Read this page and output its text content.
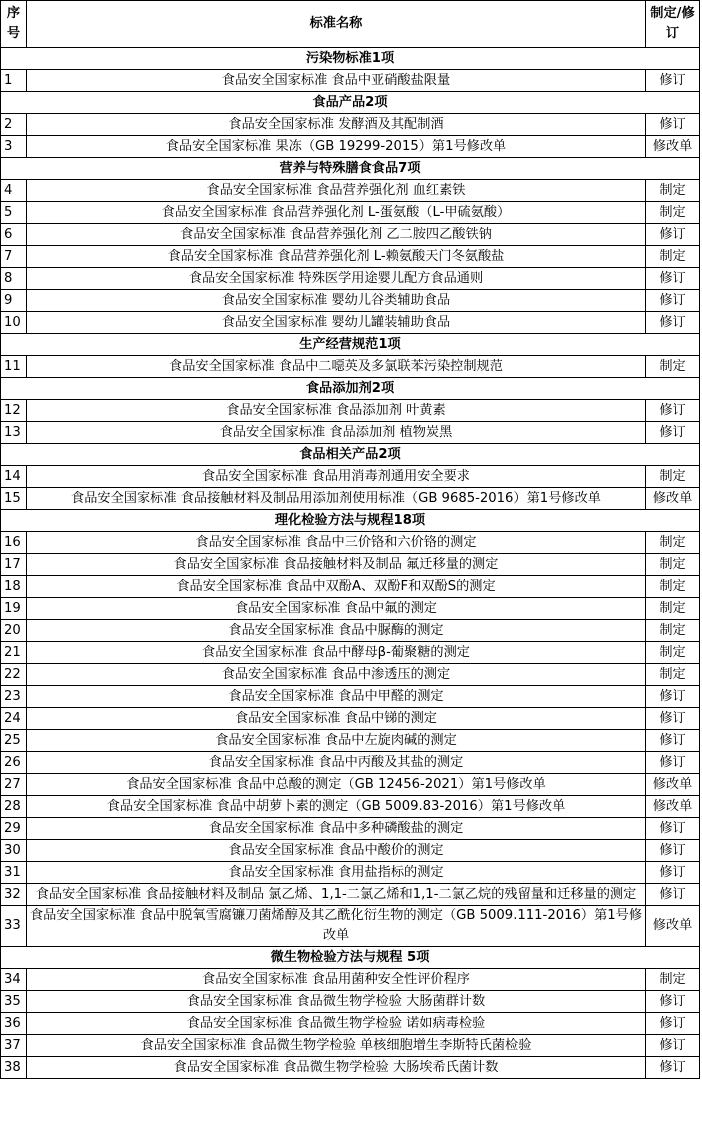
序号	标准名称	制定/修订
污染物标准1项		
1	食品安全国家标准 食品中亚硝酸盐限量	修订
食品产品2项		
2	食品安全国家标准 发酵酒及其配制酒	修订
3	食品安全国家标准 果冻（GB 19299-2015）第1号修改单	修改单
营养与特殊膳食食品7项		
4	食品安全国家标准 食品营养强化剂 血红素铁	制定
5	食品安全国家标准 食品营养强化剂 L-蛋氨酸（L-甲硫氨酸）	制定
6	食品安全国家标准 食品营养强化剂 乙二胺四乙酸铁钠	修订
7	食品安全国家标准 食品营养强化剂 L-赖氨酸天门冬氨酸盐	制定
8	食品安全国家标准 特殊医学用途婴儿配方食品通则	修订
9	食品安全国家标准 婴幼儿谷类辅助食品	修订
10	食品安全国家标准 婴幼儿罐装辅助食品	修订
生产经营规范1项		
11	食品安全国家标准 食品中二噁英及多氯联苯污染控制规范	制定
食品添加剂2项		
12	食品安全国家标准 食品添加剂 叶黄素	修订
13	食品安全国家标准 食品添加剂 植物炭黑	修订
食品相关产品2项		
14	食品安全国家标准 食品用消毒剂通用安全要求	制定
15	食品安全国家标准 食品接触材料及制品用添加剂使用标准（GB 9685-2016）第1号修改单	修改单
理化检验方法与规程18项		
16	食品安全国家标准 食品中三价铬和六价铬的测定	制定
17	食品安全国家标准 食品接触材料及制品 氟迁移量的测定	制定
18	食品安全国家标准 食品中双酚A、双酚F和双酚S的测定	制定
19	食品安全国家标准 食品中氟的测定	制定
20	食品安全国家标准 食品中脲酶的测定	制定
21	食品安全国家标准 食品中酵母β-葡聚糖的测定	制定
22	食品安全国家标准 食品中渗透压的测定	制定
23	食品安全国家标准 食品中甲醛的测定	修订
24	食品安全国家标准 食品中锑的测定	修订
25	食品安全国家标准 食品中左旋肉碱的测定	修订
26	食品安全国家标准 食品中丙酸及其盐的测定	修订
27	食品安全国家标准 食品中总酸的测定（GB 12456-2021）第1号修改单	修改单
28	食品安全国家标准 食品中胡萝卜素的测定（GB 5009.83-2016）第1号修改单	修改单
29	食品安全国家标准 食品中多种磷酸盐的测定	修订
30	食品安全国家标准 食品中酸价的测定	修订
31	食品安全国家标准 食用盐指标的测定	修订
32	食品安全国家标准 食品接触材料及制品 氯乙烯、1,1-二氯乙烯和1,1-二氯乙烷的残留量和迁移量的测定	修订
33	食品安全国家标准 食品中脱氧雪腐镰刀菌烯醇及其乙酰化衍生物的测定（GB 5009.111-2016）第1号修改单	修改单
微生物检验方法与规程 5项		
34	食品安全国家标准 食品用菌种安全性评价程序	制定
35	食品安全国家标准 食品微生物学检验 大肠菌群计数	修订
36	食品安全国家标准 食品微生物学检验 诺如病毒检验	修订
37	食品安全国家标准 食品微生物学检验 单核细胞增生李斯特氏菌检验	修订
38	食品安全国家标准 食品微生物学检验 大肠埃希氏菌计数	修订
